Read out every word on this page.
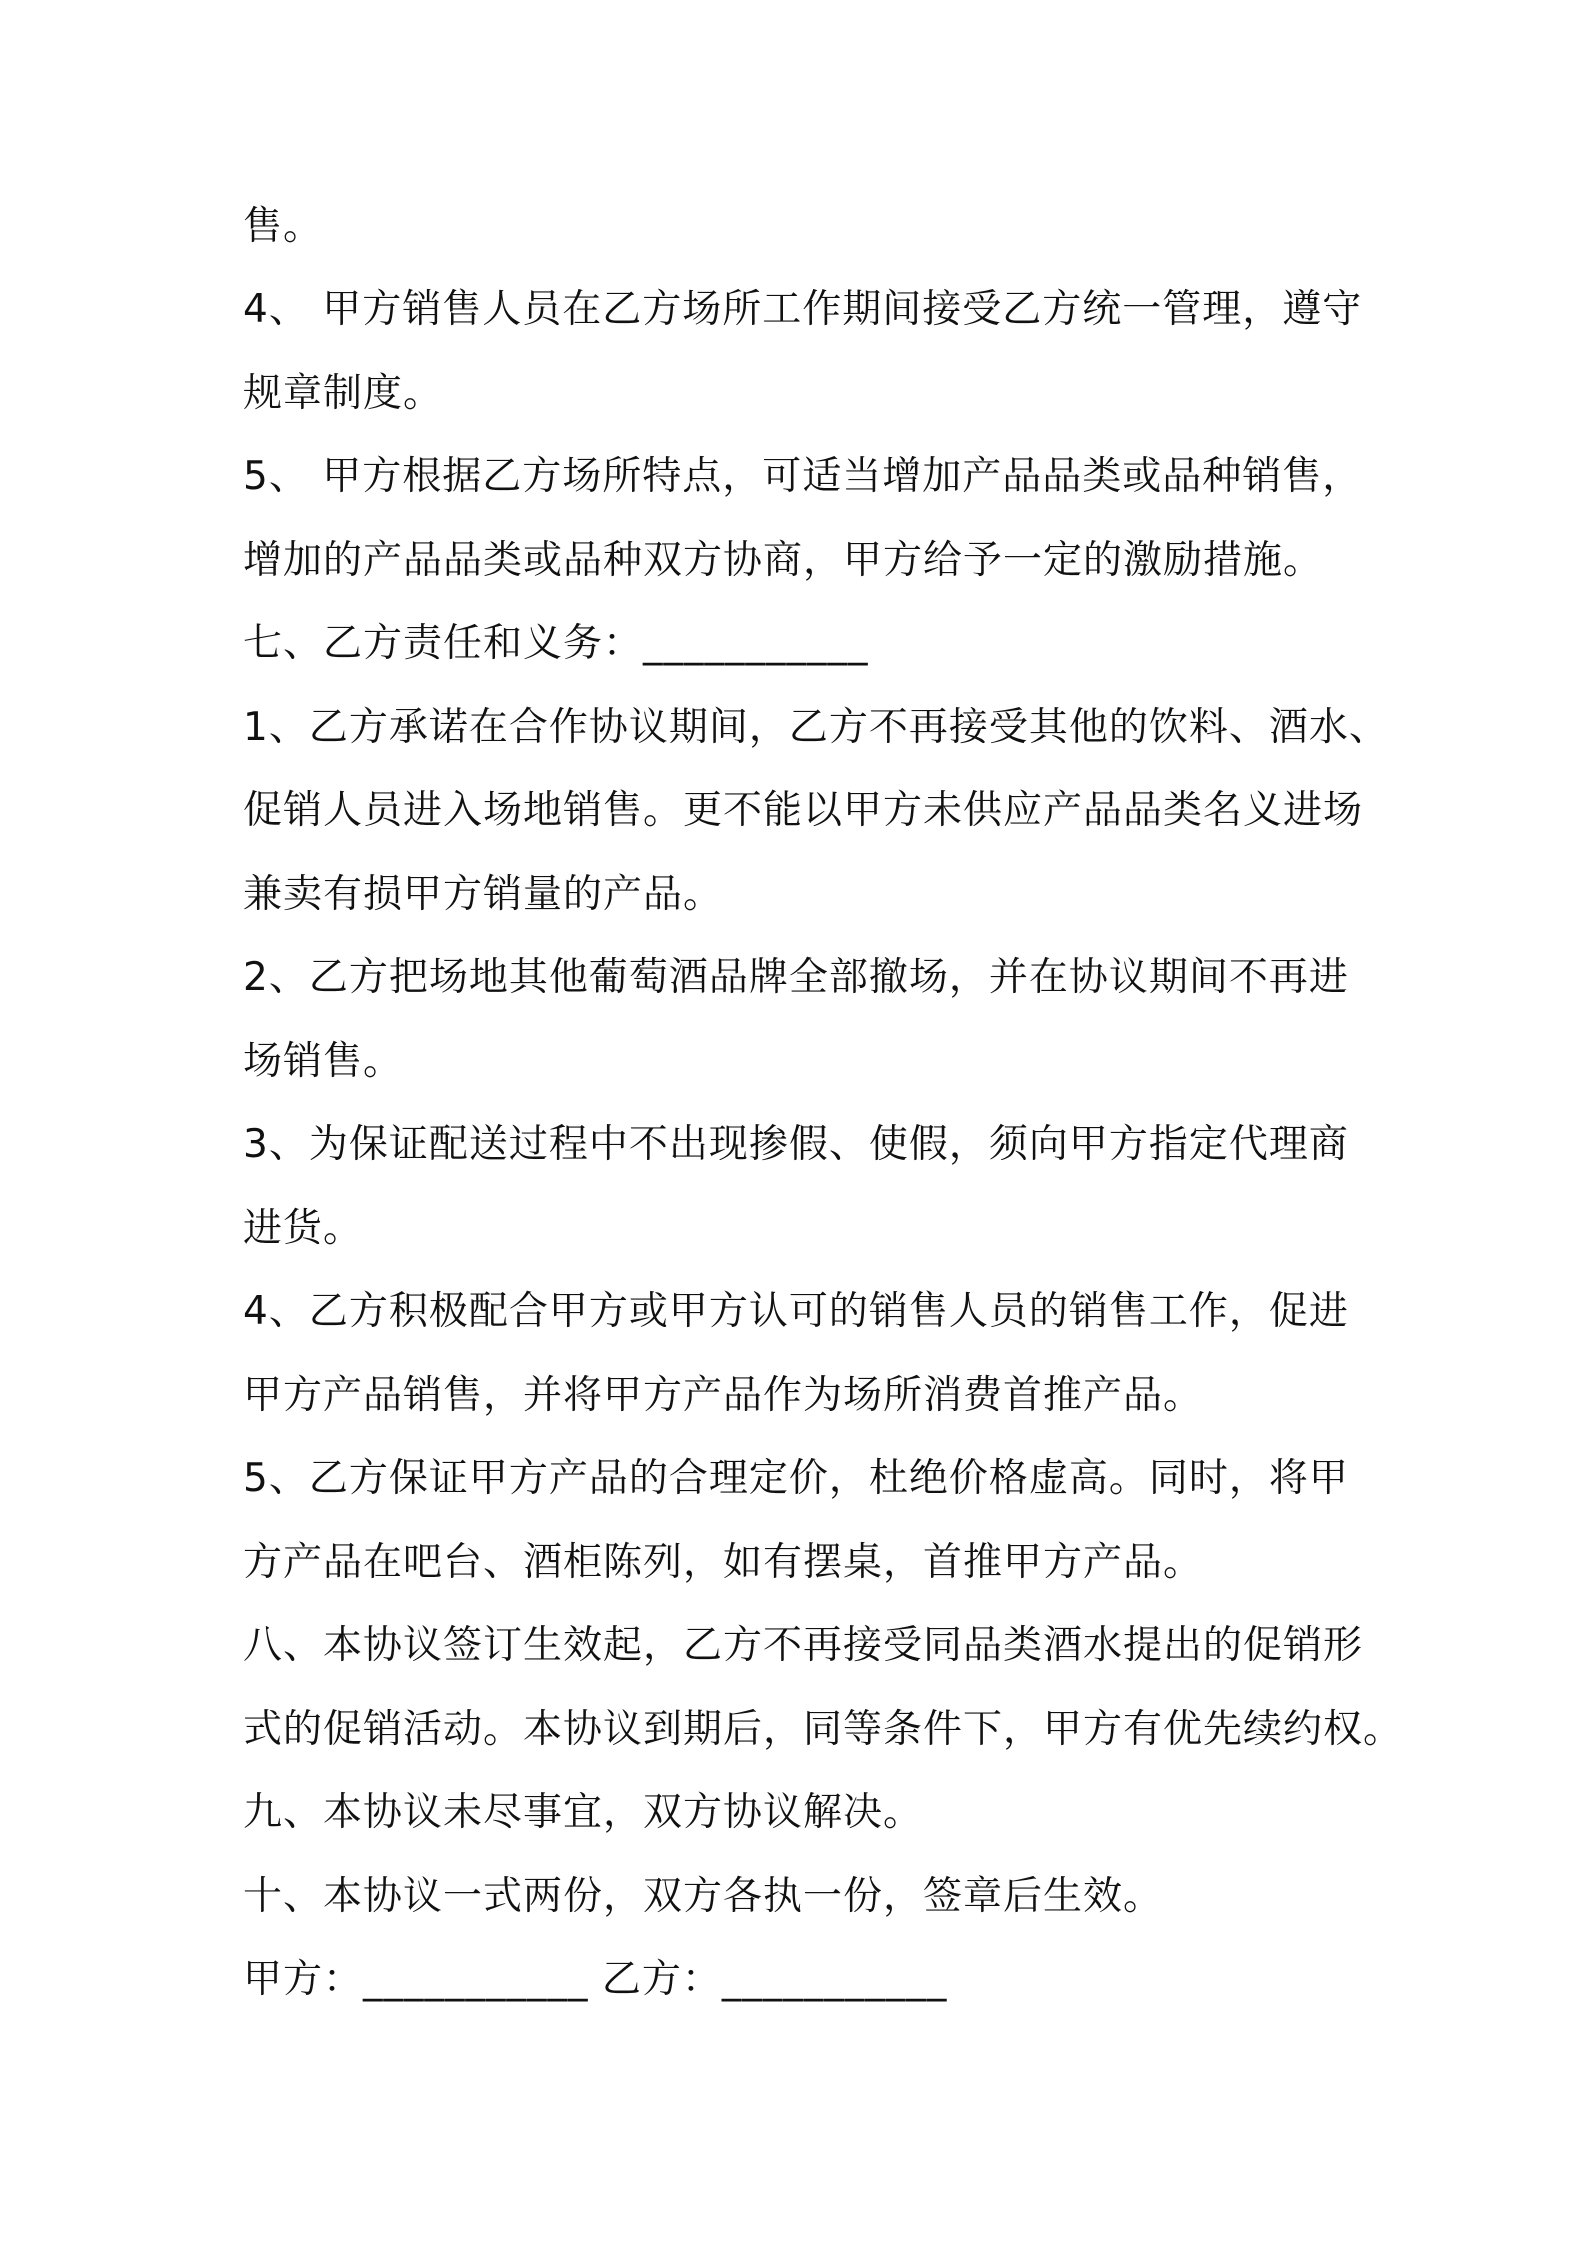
售。
4、 甲方销售人员在乙方场所工作期间接受乙方统一管理，遵守
规章制度。
5、 甲方根据乙方场所特点，可适当增加产品品类或品种销售，
增加的产品品类或品种双方协商，甲方给予一定的激励措施。
七、乙方责任和义务：___________
1、乙方承诺在合作协议期间，乙方不再接受其他的饮料、酒水、
促销人员进入场地销售。更不能以甲方未供应产品品类名义进场
兼卖有损甲方销量的产品。
2、乙方把场地其他葡萄酒品牌全部撤场，并在协议期间不再进
场销售。
3、为保证配送过程中不出现掺假、使假，须向甲方指定代理商
进货。
4、乙方积极配合甲方或甲方认可的销售人员的销售工作，促进
甲方产品销售，并将甲方产品作为场所消费首推产品。
5、乙方保证甲方产品的合理定价，杜绝价格虚高。同时，将甲
方产品在吧台、酒柜陈列，如有摆桌，首推甲方产品。
八、本协议签订生效起，乙方不再接受同品类酒水提出的促销形
式的促销活动。本协议到期后，同等条件下，甲方有优先续约权。
九、本协议未尽事宜，双方协议解决。
十、本协议一式两份，双方各执一份，签章后生效。
甲方：___________ 乙方：___________
